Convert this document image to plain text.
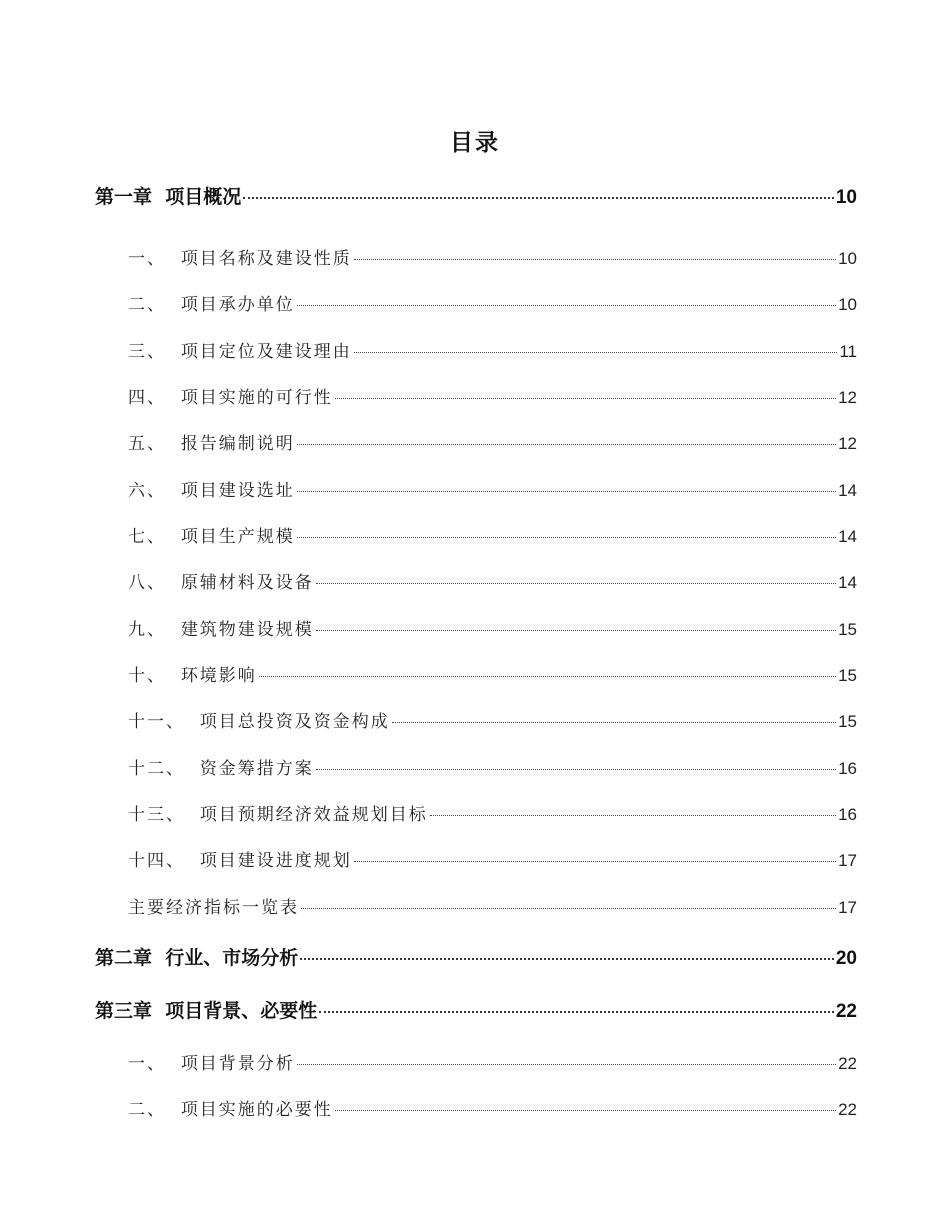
目录
第一章 项目概况	10
一、 项目名称及建设性质	10
二、 项目承办单位	10
三、 项目定位及建设理由	11
四、 项目实施的可行性	12
五、 报告编制说明	12
六、 项目建设选址	14
七、 项目生产规模	14
八、 原辅材料及设备	14
九、 建筑物建设规模	15
十、 环境影响	15
十一、 项目总投资及资金构成	15
十二、 资金筹措方案	16
十三、 项目预期经济效益规划目标	16
十四、 项目建设进度规划	17
主要经济指标一览表	17
第二章 行业、市场分析	20
第三章 项目背景、必要性	22
一、 项目背景分析	22
二、 项目实施的必要性	22
